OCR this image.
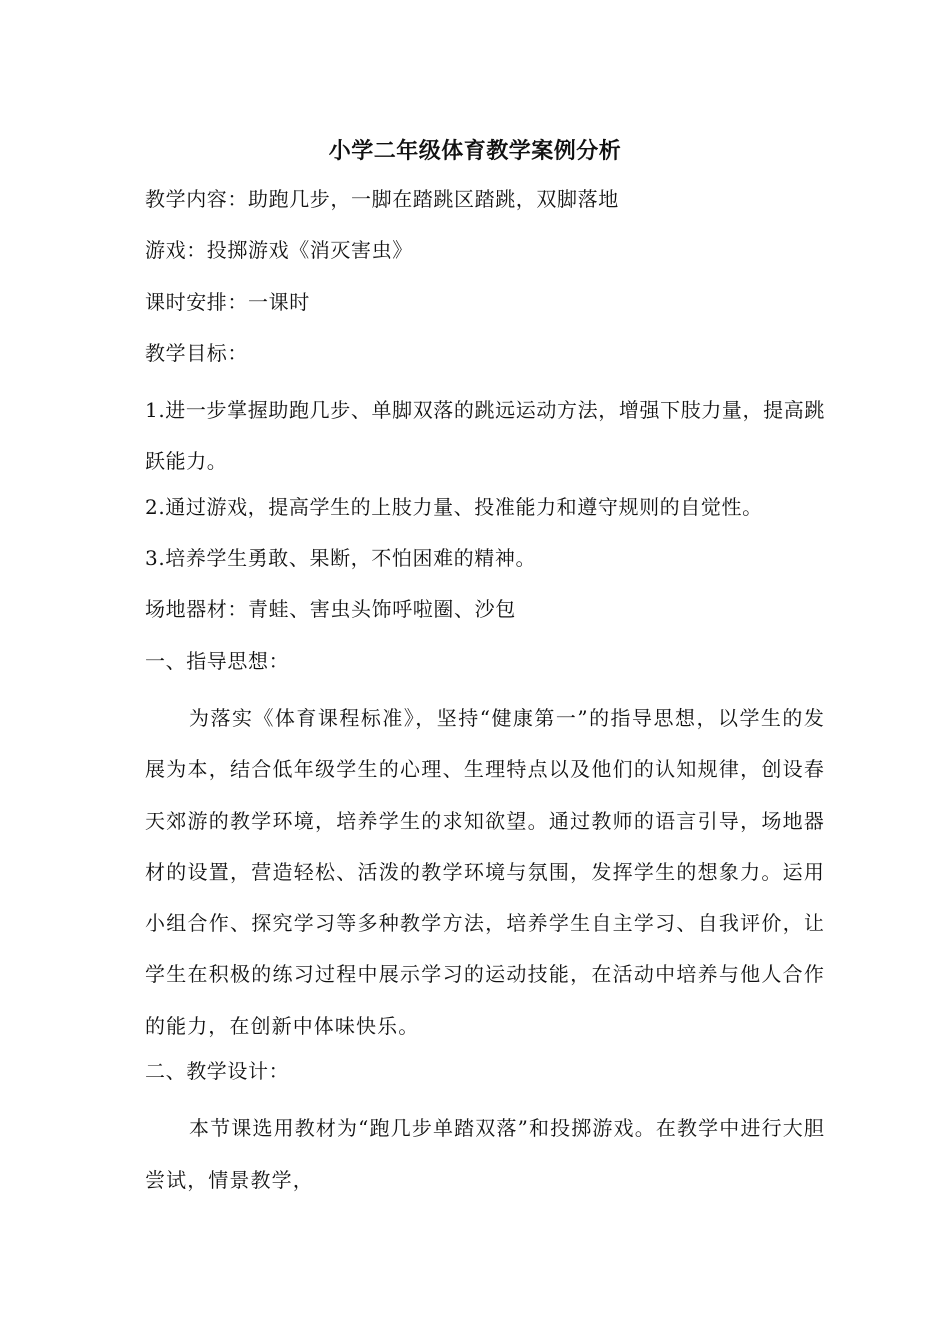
小学二年级体育教学案例分析
教学内容：助跑几步，一脚在踏跳区踏跳，双脚落地
游戏：投掷游戏《消灭害虫》
课时安排：一课时
教学目标：

1.进一步掌握助跑几步、单脚双落的跳远运动方法，增强下肢力量，提高跳跃能力。

2.通过游戏，提高学生的上肢力量、投准能力和遵守规则的自觉性。
3.培养学生勇敢、果断，不怕困难的精神。
场地器材：青蛙、害虫头饰呼啦圈、沙包
一、指导思想：

为落实《体育课程标准》，坚持“健康第一”的指导思想，以学生的发展为本，结合低年级学生的心理、生理特点以及他们的认知规律，创设春天郊游的教学环境，培养学生的求知欲望。通过教师的语言引导，场地器材的设置，营造轻松、活泼的教学环境与氛围，发挥学生的想象力。运用小组合作、探究学习等多种教学方法，培养学生自主学习、自我评价，让学生在积极的练习过程中展示学习的运动技能，在活动中培养与他人合作的能力，在创新中体味快乐。

二、教学设计：

本节课选用教材为“跑几步单踏双落”和投掷游戏。在教学中进行大胆尝试，情景教学，
